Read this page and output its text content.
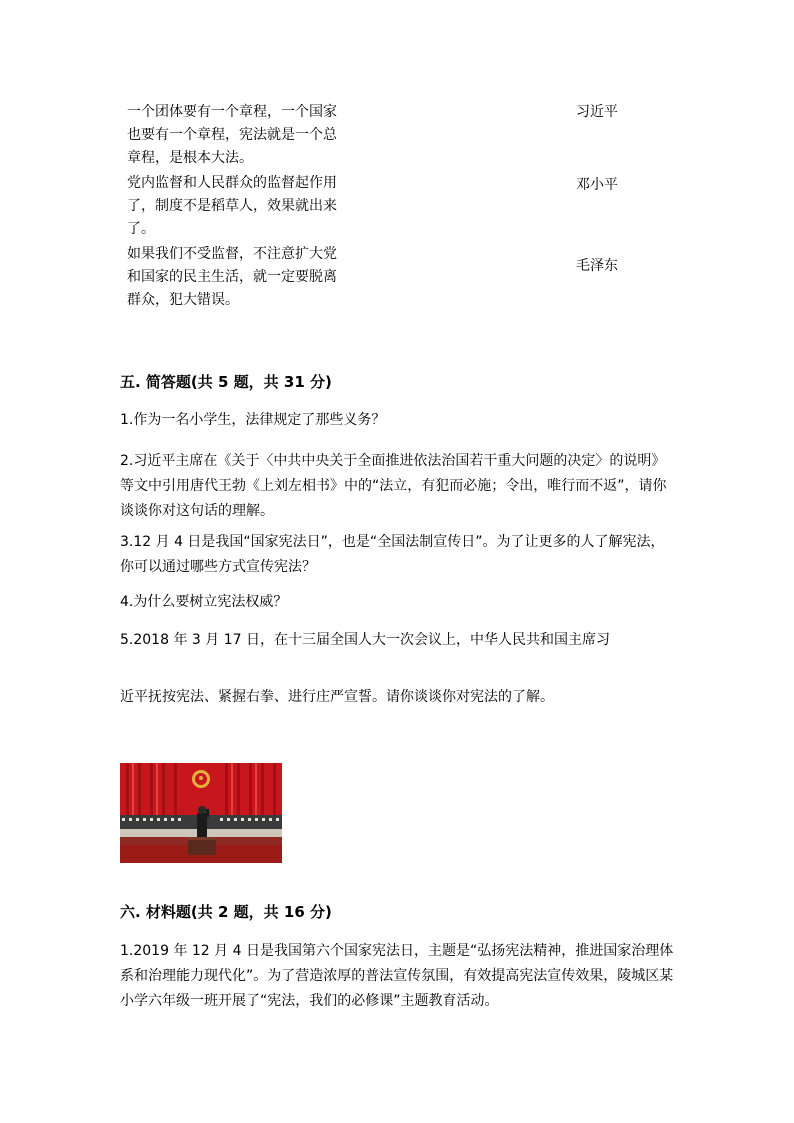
一个团体要有一个章程，一个国家也要有一个章程，宪法就是一个总章程，是根本大法。
习近平
党内监督和人民群众的监督起作用了，制度不是稻草人，效果就出来了。
邓小平
如果我们不受监督，不注意扩大党和国家的民主生活，就一定要脱离群众，犯大错误。
毛泽东
五. 简答题(共 5 题，共 31 分)
1.作为一名小学生，法律规定了那些义务？
2.习近平主席在《关于〈中共中央关于全面推进依法治国若干重大问题的决定〉的说明》等文中引用唐代王勃《上刘左相书》中的“法立，有犯而必施；令出，唯行而不返”，请你谈谈你对这句话的理解。
3.12 月 4 日是我国“国家宪法日”，也是“全国法制宣传日”。为了让更多的人了解宪法，你可以通过哪些方式宣传宪法？
4.为什么要树立宪法权威？
5.2018 年 3 月 17 日，在十三届全国人大一次会议上，中华人民共和国主席习
近平抚按宪法、紧握右拳、进行庄严宣誓。请你谈谈你对宪法的了解。
六. 材料题(共 2 题，共 16 分)
1.2019 年 12 月 4 日是我国第六个国家宪法日，主题是“弘扬宪法精神，推进国家治理体系和治理能力现代化”。为了营造浓厚的普法宣传氛围，有效提高宪法宣传效果，陵城区某小学六年级一班开展了“宪法，我们的必修课”主题教育活动。
